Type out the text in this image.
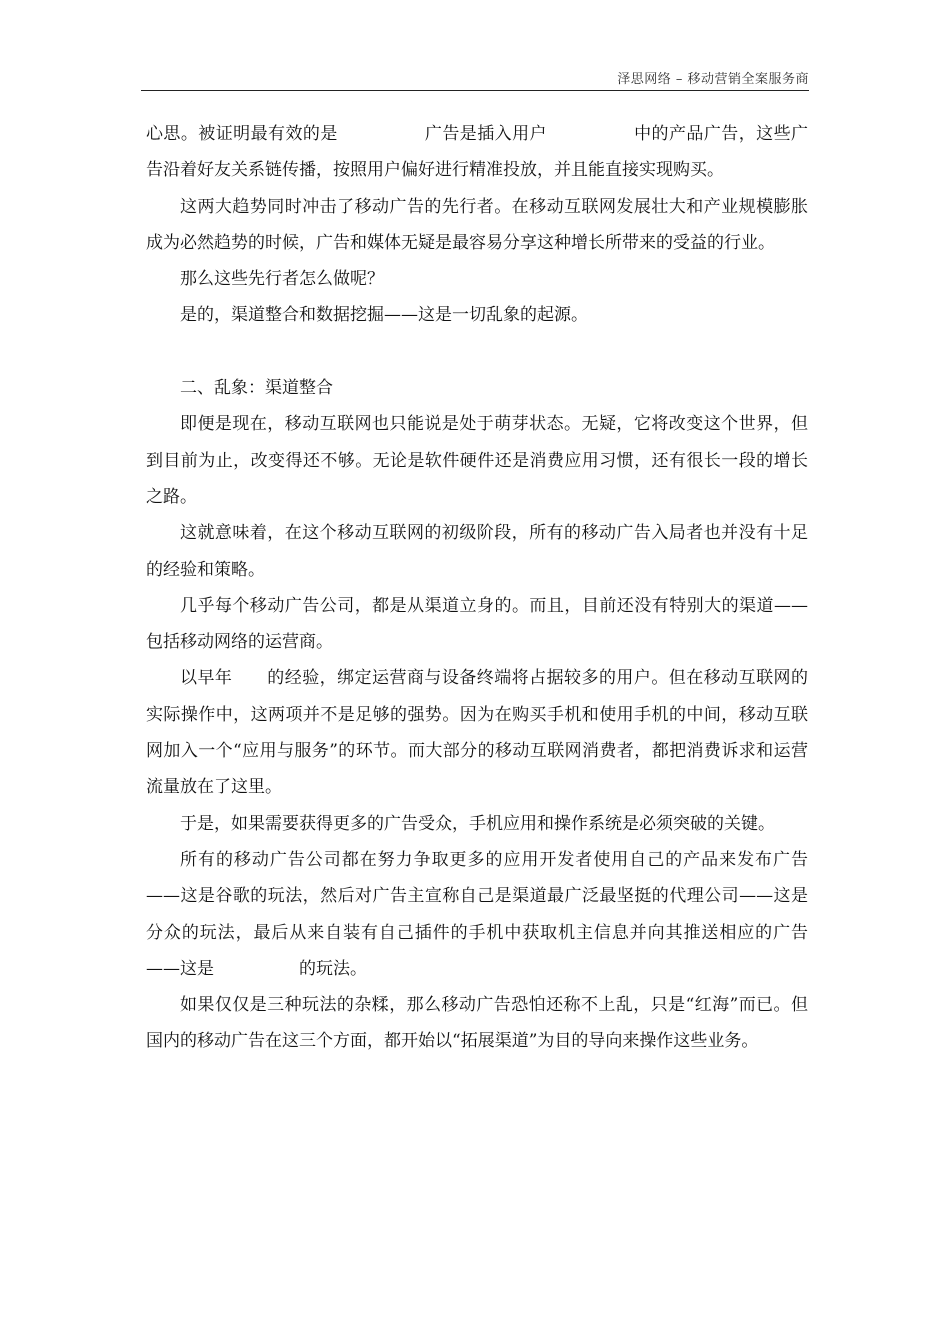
泽思网络 – 移动营销全案服务商

心思。被证明最有效的是　　　　　广告是插入用户　　　　　中的产品广告，这些广告沿着好友关系链传播，按照用户偏好进行精准投放，并且能直接实现购买。

这两大趋势同时冲击了移动广告的先行者。在移动互联网发展壮大和产业规模膨胀成为必然趋势的时候，广告和媒体无疑是最容易分享这种增长所带来的受益的行业。

那么这些先行者怎么做呢？

是的，渠道整合和数据挖掘——这是一切乱象的起源。

二、乱象：渠道整合

即便是现在，移动互联网也只能说是处于萌芽状态。无疑，它将改变这个世界，但到目前为止，改变得还不够。无论是软件硬件还是消费应用习惯，还有很长一段的增长之路。

这就意味着，在这个移动互联网的初级阶段，所有的移动广告入局者也并没有十足的经验和策略。

几乎每个移动广告公司，都是从渠道立身的。而且，目前还没有特别大的渠道——包括移动网络的运营商。

以早年　　的经验，绑定运营商与设备终端将占据较多的用户。但在移动互联网的实际操作中，这两项并不是足够的强势。因为在购买手机和使用手机的中间，移动互联网加入一个“应用与服务”的环节。而大部分的移动互联网消费者，都把消费诉求和运营流量放在了这里。

于是，如果需要获得更多的广告受众，手机应用和操作系统是必须突破的关键。

所有的移动广告公司都在努力争取更多的应用开发者使用自己的产品来发布广告——这是谷歌的玩法，然后对广告主宣称自己是渠道最广泛最坚挺的代理公司——这是分众的玩法，最后从来自装有自己插件的手机中获取机主信息并向其推送相应的广告——这是　　　　　的玩法。

如果仅仅是三种玩法的杂糅，那么移动广告恐怕还称不上乱，只是“红海”而已。但国内的移动广告在这三个方面，都开始以“拓展渠道”为目的导向来操作这些业务。
